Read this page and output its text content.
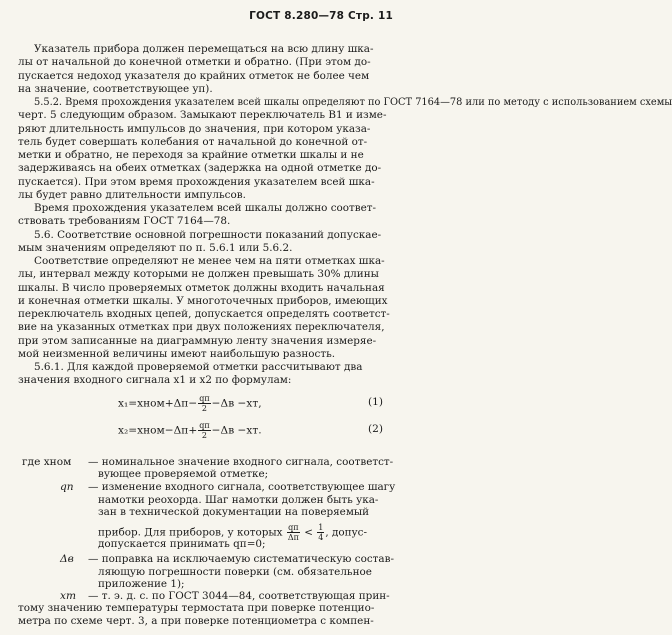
ГОСТ 8.280—78 Стр. 11
Указатель прибора должен перемещаться на всю длину шка-
лы от начальной до конечной отметки и обратно. (При этом до-
пускается недоход указателя до крайних отметок не более чем
на значение, соответствующее yп).
5.5.2. Время прохождения указателем всей шкалы определяют по ГОСТ 7164—78 или по методу с использованием схемы
черт. 5 следующим образом. Замыкают переключатель В1 и изме-
ряют длительность импульсов до значения, при котором указа-
тель будет совершать колебания от начальной до конечной от-
метки и обратно, не переходя за крайние отметки шкалы и не
задерживаясь на обеих отметках (задержка на одной отметке до-
пускается). При этом время прохождения указателем всей шка-
лы будет равно длительности импульсов.
Время прохождения указателем всей шкалы должно соответ-
ствовать требованиям ГОСТ 7164—78.
5.6. Соответствие основной погрешности показаний допускае-
мым значениям определяют по п. 5.6.1 или 5.6.2.
Соответствие определяют не менее чем на пяти отметках шка-
лы, интервал между которыми не должен превышать 30% длины
шкалы. В число проверяемых отметок должны входить начальная
и конечная отметки шкалы. У многоточечных приборов, имеющих
переключатель входных цепей, допускается определять соответст-
вие на указанных отметках при двух положениях переключателя,
при этом записанные на диаграммную ленту значения измеряе-
мой неизменной величины имеют наибольшую разность.
5.6.1. Для каждой проверяемой отметки рассчитывают два
значения входного сигнала x1 и x2 по формулам:
x₁=xном+Δп− $\frac{qп}{2} -\Delta в -xт$,	(1)
x₂=xном−Δп+ $\frac{qп}{2} -\Delta в -xт$.	(2)
где xном — номинальное значение входного сигнала, соответст-
вующее проверяемой отметке;
qп — изменение входного сигнала, соответствующее шагу
намотки реохорда. Шаг намотки должен быть ука-
зан в технической документации на поверяемый
прибор. Для приборов, у которых $\frac{qп}{\Delta п} < \frac{1}{4}$ , допус-
допускается принимать qп=0;
Δв — поправка на исключаемую систематическую состав-
ляющую погрешности поверки (см. обязательное
приложение 1);
xт — т. э. д. с. по ГОСТ 3044—84, соответствующая прин-
тому значению температуры термостата при поверке потенцио-
метра по схеме черт. 3, а при поверке потенциометра с компен-
